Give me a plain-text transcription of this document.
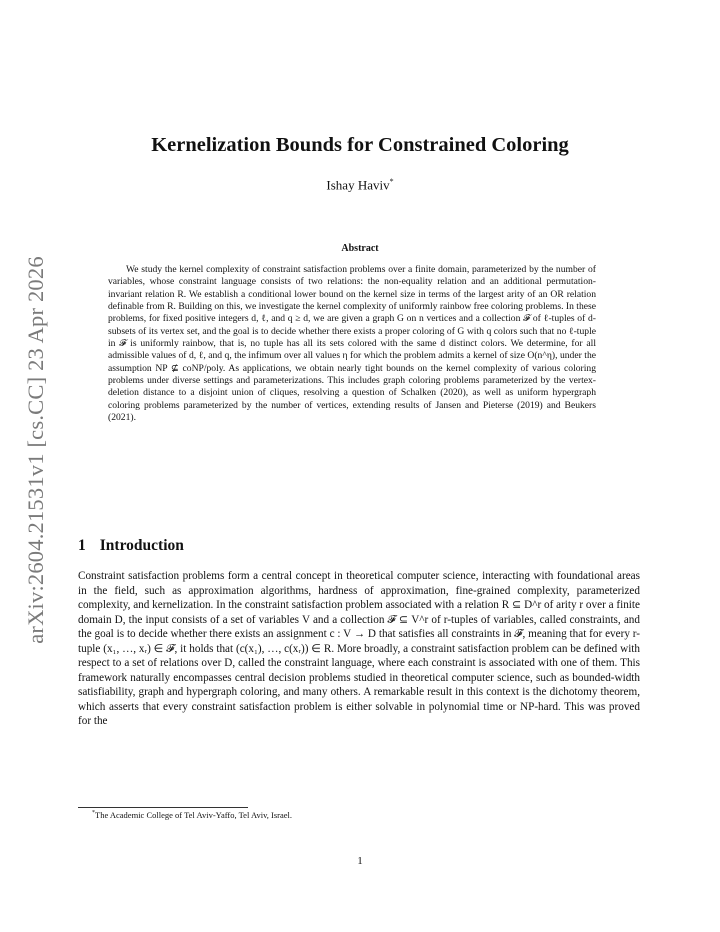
arXiv:2604.21531v1 [cs.CC] 23 Apr 2026
Kernelization Bounds for Constrained Coloring
Ishay Haviv*
Abstract

We study the kernel complexity of constraint satisfaction problems over a finite domain, parameterized by the number of variables, whose constraint language consists of two relations: the non-equality relation and an additional permutation-invariant relation R. We establish a conditional lower bound on the kernel size in terms of the largest arity of an OR relation definable from R. Building on this, we investigate the kernel complexity of uniformly rainbow free coloring problems. In these problems, for fixed positive integers d, ℓ, and q ≥ d, we are given a graph G on n vertices and a collection 𝓕 of ℓ-tuples of d-subsets of its vertex set, and the goal is to decide whether there exists a proper coloring of G with q colors such that no ℓ-tuple in 𝓕 is uniformly rainbow, that is, no tuple has all its sets colored with the same d distinct colors. We determine, for all admissible values of d, ℓ, and q, the infimum over all values η for which the problem admits a kernel of size O(n^η), under the assumption NP ⊈ coNP/poly. As applications, we obtain nearly tight bounds on the kernel complexity of various coloring problems under diverse settings and parameterizations. This includes graph coloring problems parameterized by the vertex-deletion distance to a disjoint union of cliques, resolving a question of Schalken (2020), as well as uniform hypergraph coloring problems parameterized by the number of vertices, extending results of Jansen and Pieterse (2019) and Beukers (2021).

1 Introduction

Constraint satisfaction problems form a central concept in theoretical computer science, interacting with foundational areas in the field, such as approximation algorithms, hardness of approximation, fine-grained complexity, parameterized complexity, and kernelization. In the constraint satisfaction problem associated with a relation R ⊆ D^r of arity r over a finite domain D, the input consists of a set of variables V and a collection 𝓕 ⊆ V^r of r-tuples of variables, called constraints, and the goal is to decide whether there exists an assignment c : V → D that satisfies all constraints in 𝓕, meaning that for every r-tuple (x₁, …, xᵣ) ∈ 𝓕, it holds that (c(x₁), …, c(xᵣ)) ∈ R. More broadly, a constraint satisfaction problem can be defined with respect to a set of relations over D, called the constraint language, where each constraint is associated with one of them. This framework naturally encompasses central decision problems studied in theoretical computer science, such as bounded-width satisfiability, graph and hypergraph coloring, and many others. A remarkable result in this context is the dichotomy theorem, which asserts that every constraint satisfaction problem is either solvable in polynomial time or NP-hard. This was proved for the

*The Academic College of Tel Aviv-Yaffo, Tel Aviv, Israel.
1
